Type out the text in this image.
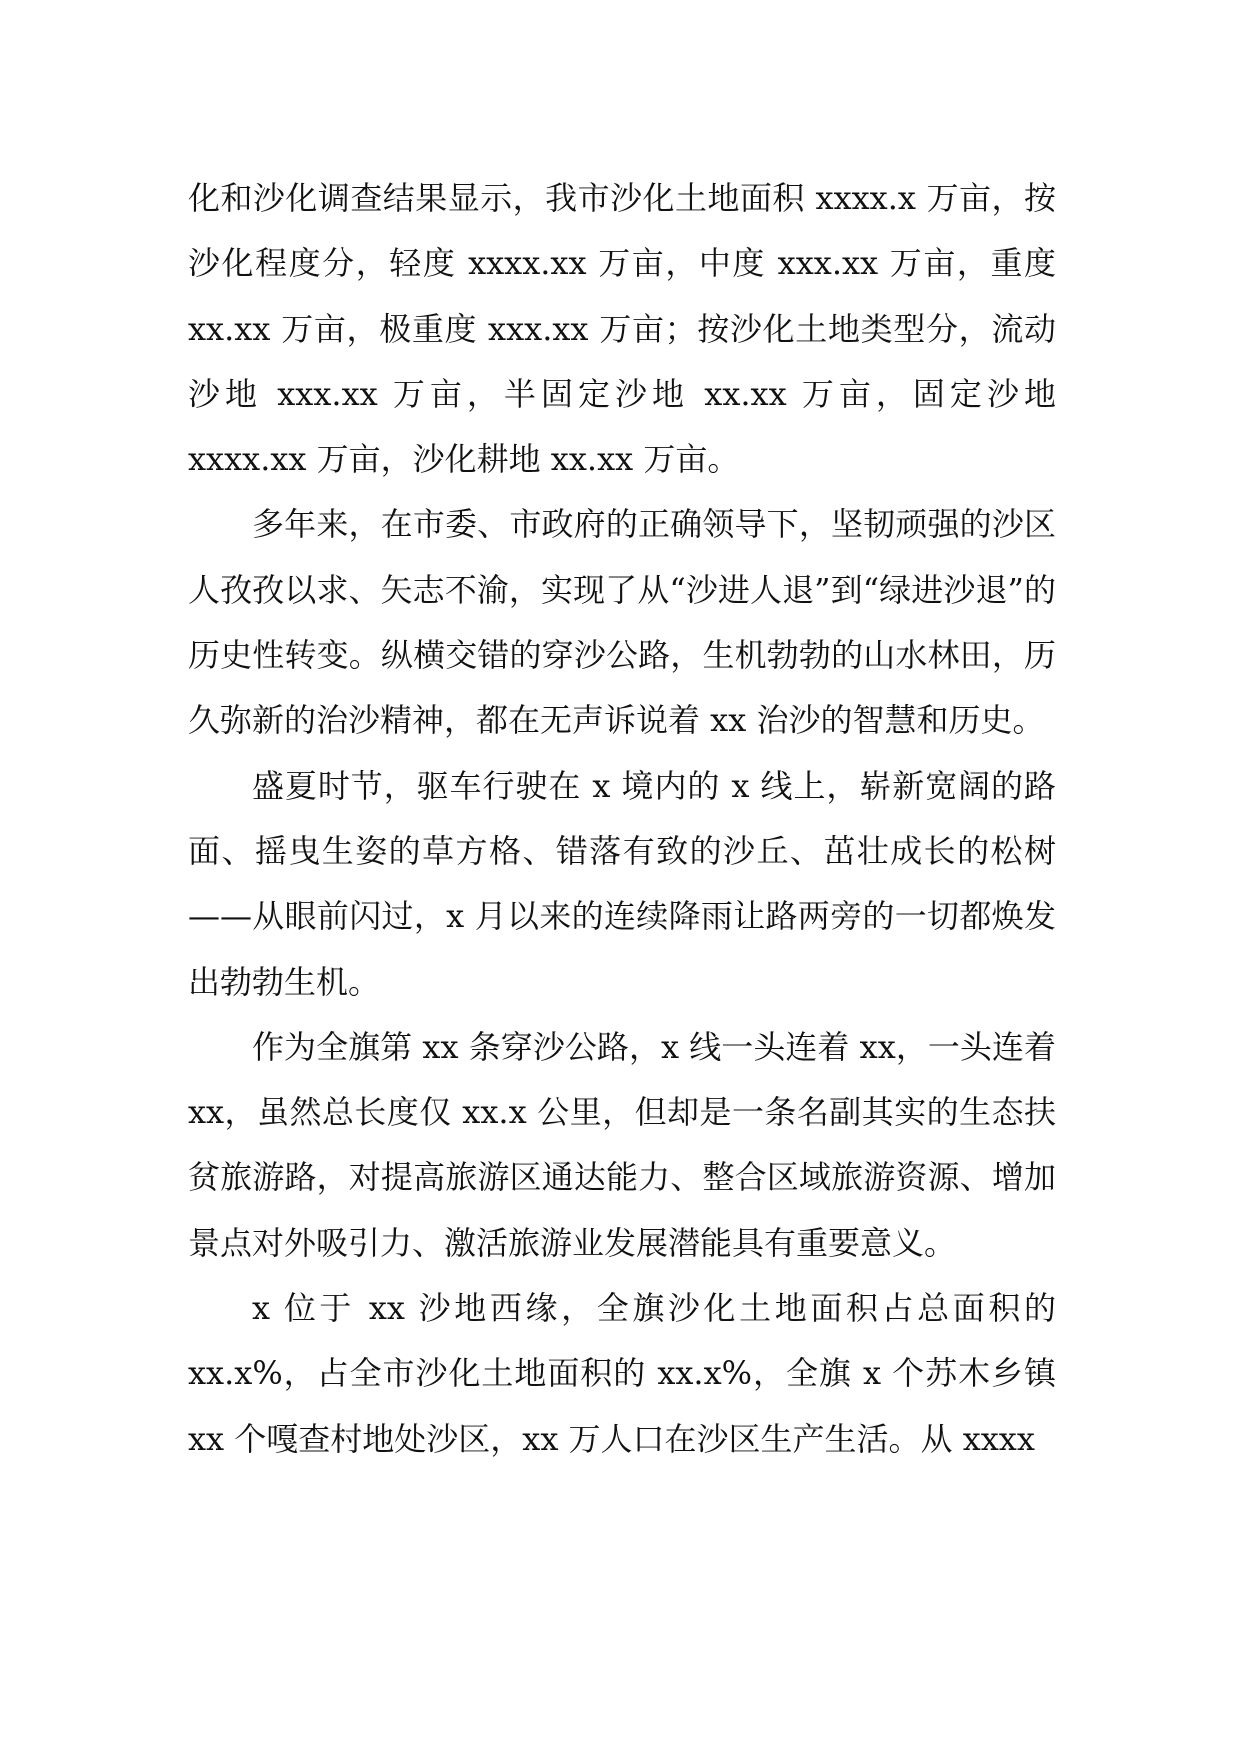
化和沙化调查结果显示，我市沙化土地面积 xxxx.x 万亩，按沙化程度分，轻度 xxxx.xx 万亩，中度 xxx.xx 万亩，重度 xx.xx 万亩，极重度 xxx.xx 万亩；按沙化土地类型分，流动沙地 xxx.xx 万亩，半固定沙地 xx.xx 万亩，固定沙地 xxxx.xx 万亩，沙化耕地 xx.xx 万亩。

多年来，在市委、市政府的正确领导下，坚韧顽强的沙区人孜孜以求、矢志不渝，实现了从“沙进人退”到“绿进沙退”的历史性转变。纵横交错的穿沙公路，生机勃勃的山水林田，历久弥新的治沙精神，都在无声诉说着 xx 治沙的智慧和历史。

盛夏时节，驱车行驶在 x 境内的 x 线上，崭新宽阔的路面、摇曳生姿的草方格、错落有致的沙丘、茁壮成长的松树——从眼前闪过，x 月以来的连续降雨让路两旁的一切都焕发出勃勃生机。

作为全旗第 xx 条穿沙公路，x 线一头连着 xx，一头连着 xx，虽然总长度仅 xx.x 公里，但却是一条名副其实的生态扶贫旅游路，对提高旅游区通达能力、整合区域旅游资源、增加景点对外吸引力、激活旅游业发展潜能具有重要意义。

x 位于 xx 沙地西缘，全旗沙化土地面积占总面积的 xx.x%，占全市沙化土地面积的 xx.x%，全旗 x 个苏木乡镇 xx 个嘎查村地处沙区，xx 万人口在沙区生产生活。从 xxxx
